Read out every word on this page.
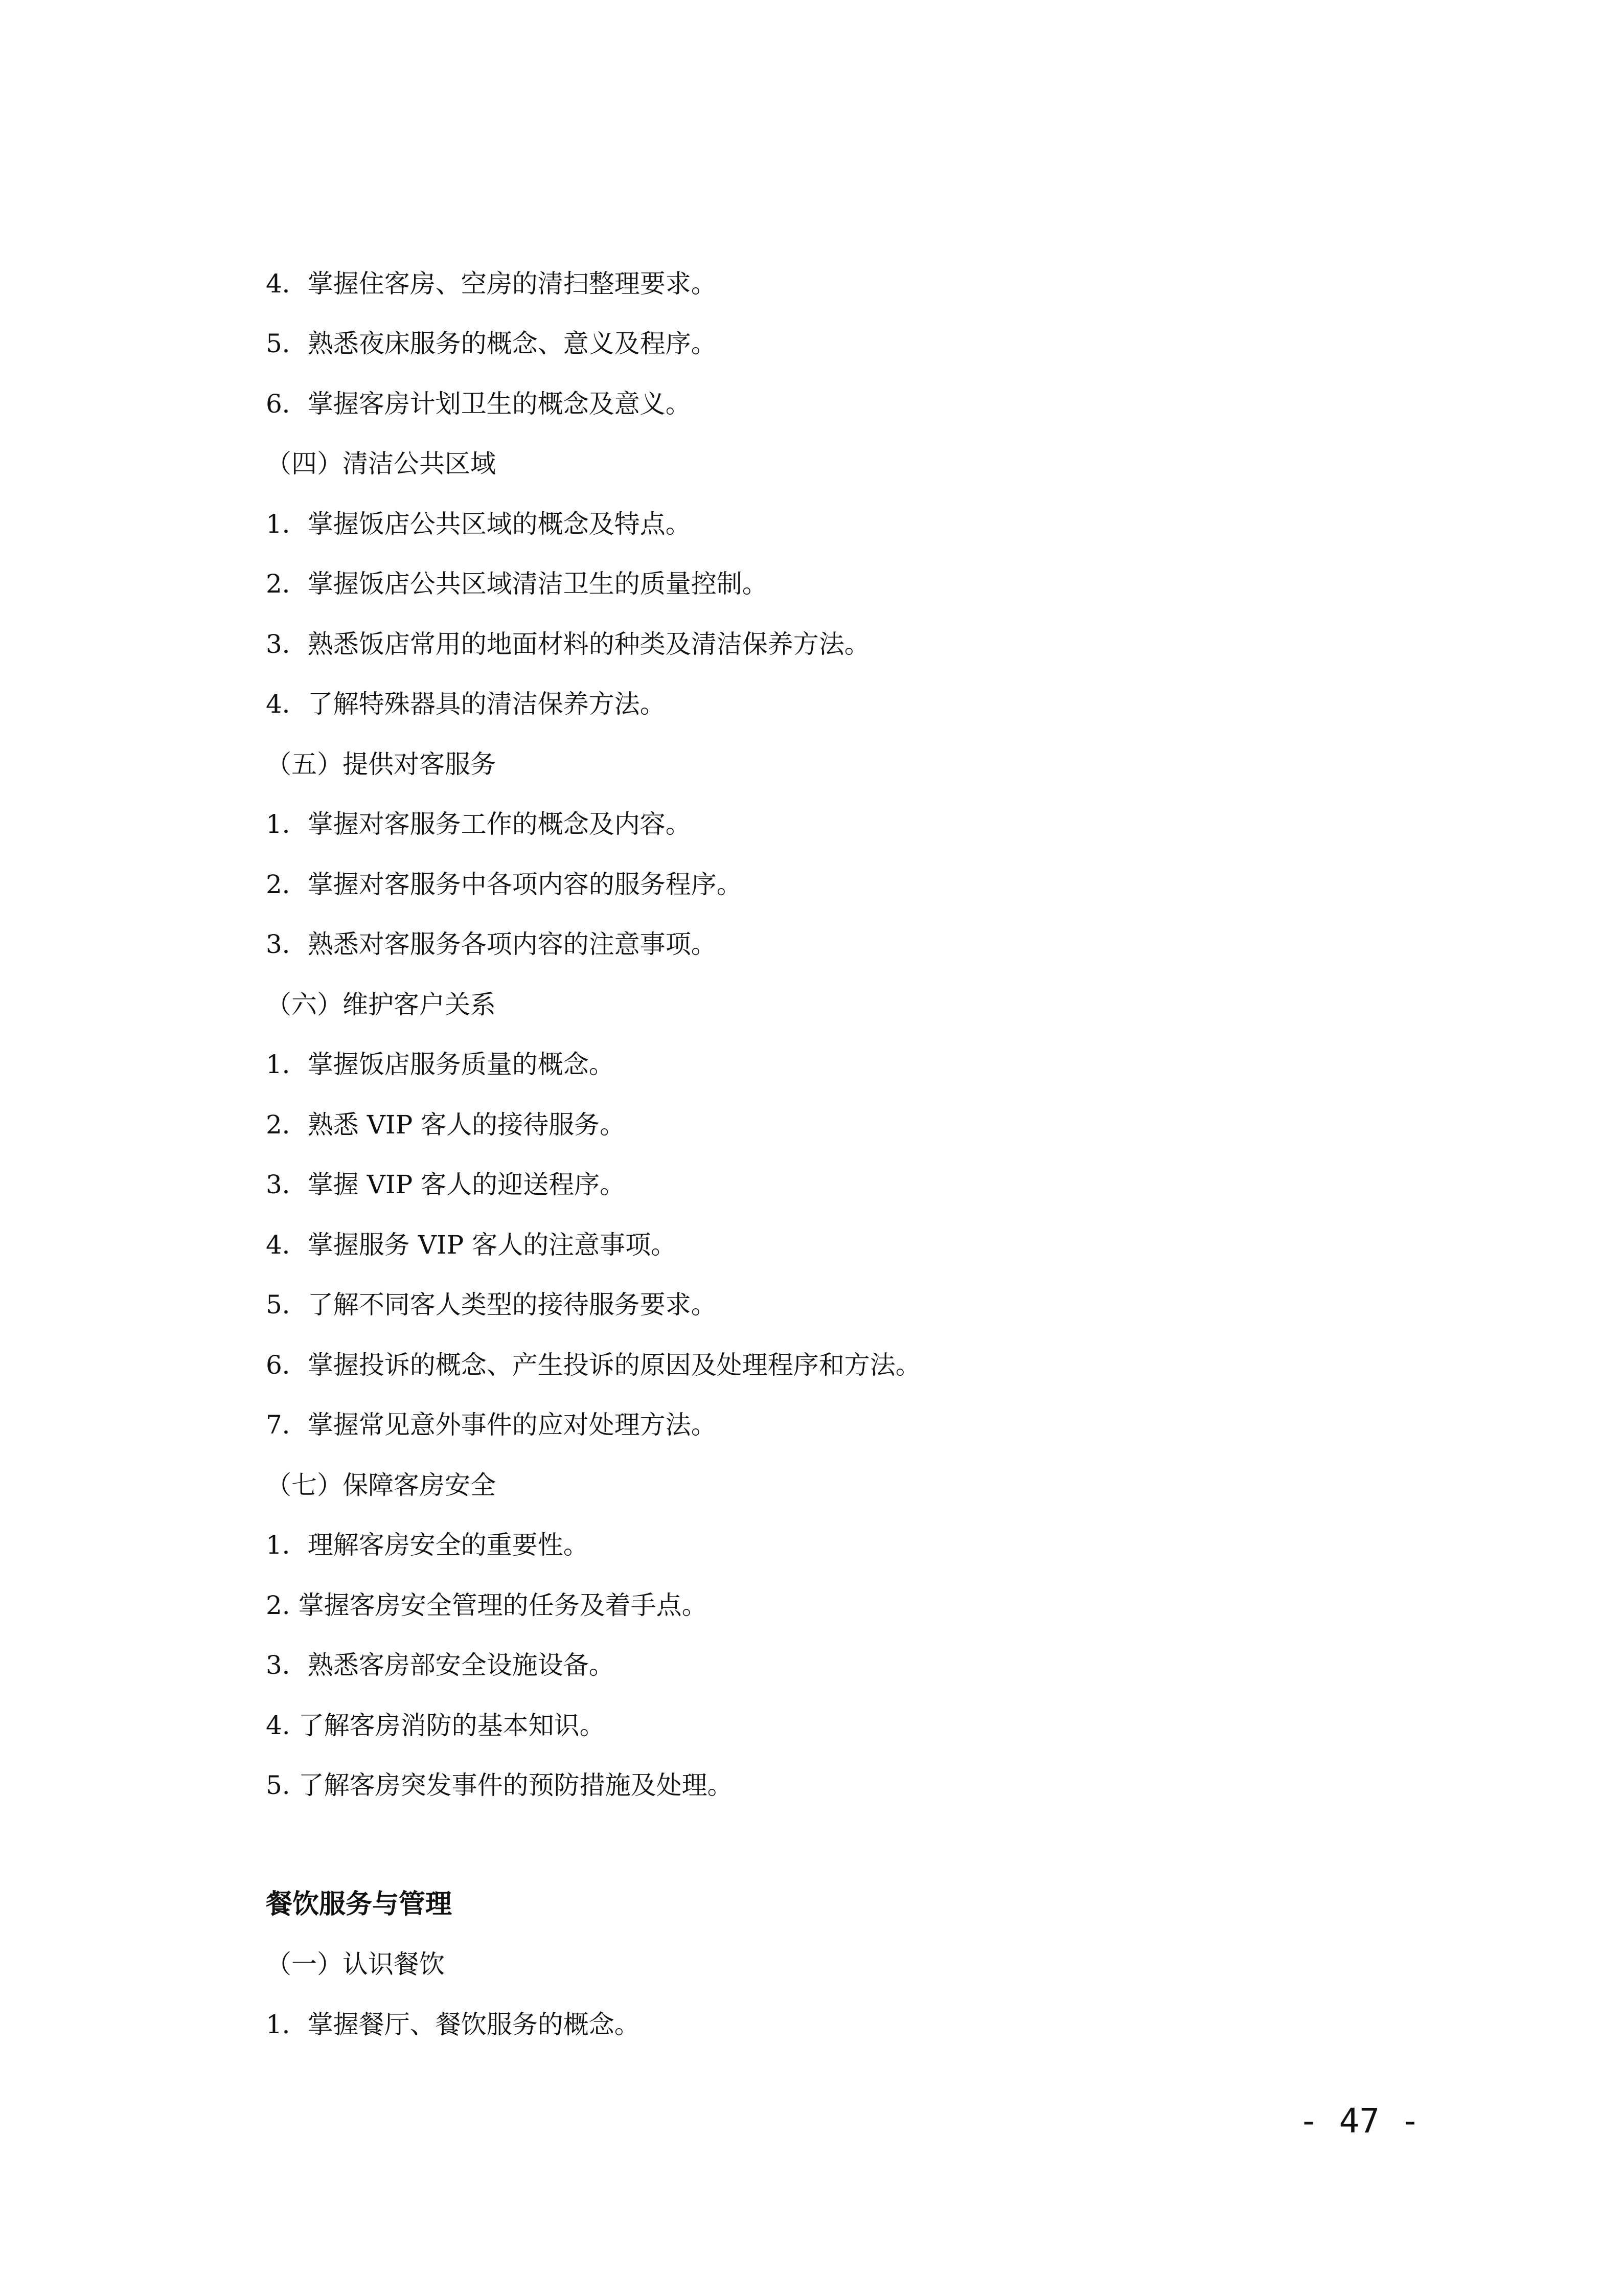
4．掌握住客房、空房的清扫整理要求。
5．熟悉夜床服务的概念、意义及程序。
6．掌握客房计划卫生的概念及意义。
（四）清洁公共区域
1．掌握饭店公共区域的概念及特点。
2．掌握饭店公共区域清洁卫生的质量控制。
3．熟悉饭店常用的地面材料的种类及清洁保养方法。
4．了解特殊器具的清洁保养方法。
（五）提供对客服务
1．掌握对客服务工作的概念及内容。
2．掌握对客服务中各项内容的服务程序。
3．熟悉对客服务各项内容的注意事项。
（六）维护客户关系
1．掌握饭店服务质量的概念。
2．熟悉 VIP 客人的接待服务。
3．掌握 VIP 客人的迎送程序。
4．掌握服务 VIP 客人的注意事项。
5．了解不同客人类型的接待服务要求。
6．掌握投诉的概念、产生投诉的原因及处理程序和方法。
7．掌握常见意外事件的应对处理方法。
（七）保障客房安全
1．理解客房安全的重要性。
2. 掌握客房安全管理的任务及着手点。
3．熟悉客房部安全设施设备。
4. 了解客房消防的基本知识。
5. 了解客房突发事件的预防措施及处理。
餐饮服务与管理
（一）认识餐饮
1．掌握餐厅、餐饮服务的概念。
- 47 -
